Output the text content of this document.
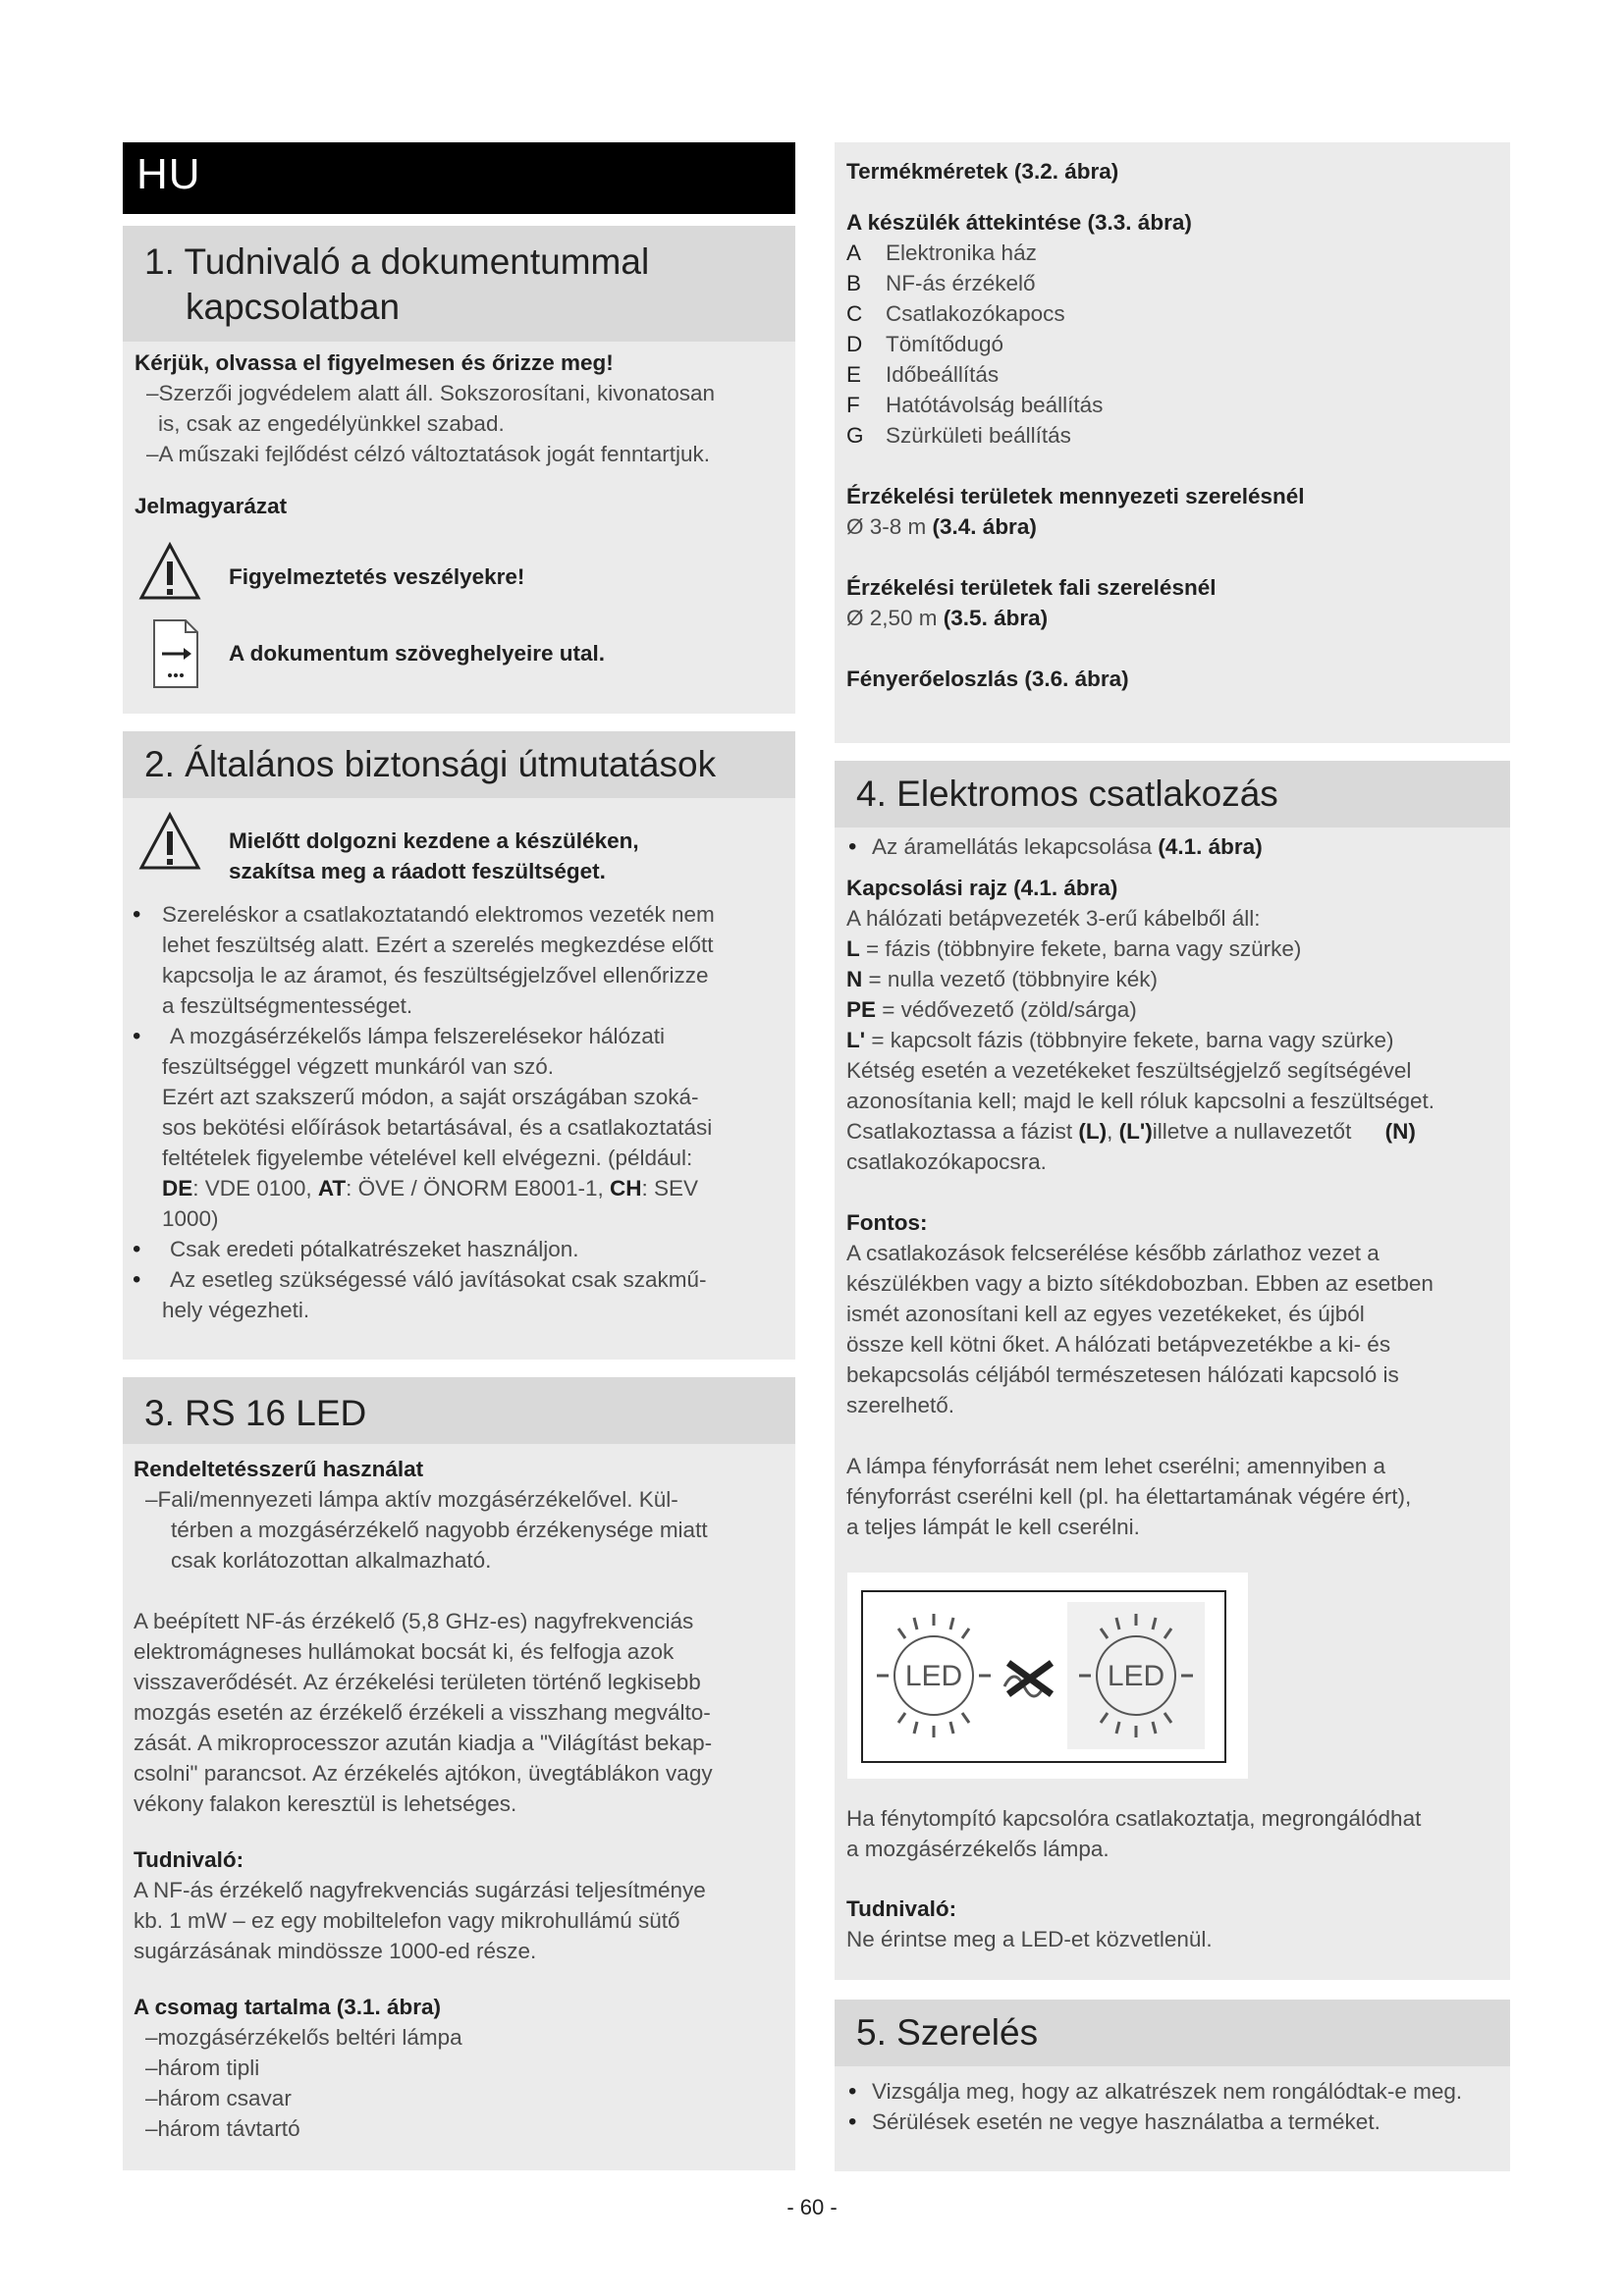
HU
1. Tudnivaló a dokumentummal
kapcsolatban

Kérjük, olvassa el figyelmesen és őrizze meg!

–Szerzői jogvédelem alatt áll. Sokszorosítani, kivonatosan

is, csak az engedélyünkkel szabad.

–A műszaki fejlődést célzó változtatások jogát fenntartjuk.

Jelmagyarázat

Figyelmeztetés veszélyekre!
A dokumentum szöveghelyeire utal.
2. Általános biztonsági útmutatások

Mielőtt dolgozni kezdene a készüléken,

szakítsa meg a ráadott feszültséget.

• Szereléskor a csatlakoztatandó elektromos vezeték nem

lehet feszültség alatt. Ezért a szerelés megkezdése előtt

kapcsolja le az áramot, és feszültségjelzővel ellenőrizze

a feszültségmentességet.

• A mozgásérzékelős lámpa felszerelésekor hálózati

feszültséggel végzett munkáról van szó.

Ezért azt szakszerű módon, a saját országában szoká-

sos bekötési előírások betartásával, és a csatlakoztatási

feltételek figyelembe vételével kell elvégezni. (például:

DE: VDE 0100, AT: ÖVE / ÖNORM E8001-1, CH: SEV

1000)

• Csak eredeti pótalkatrészeket használjon.

• Az esetleg szükségessé váló javításokat csak szakmű-

hely végezheti.

3. RS 16 LED

Rendeltetésszerű használat

–Fali/mennyezeti lámpa aktív mozgásérzékelővel. Kül-

térben a mozgásérzékelő nagyobb érzékenysége miatt

csak korlátozottan alkalmazható.

A beépített NF-ás érzékelő (5,8 GHz-es) nagyfrekvenciás

elektromágneses hullámokat bocsát ki, és felfogja azok

visszaverődését. Az érzékelési területen történő legkisebb

mozgás esetén az érzékelő érzékeli a visszhang megválto-

zását. A mikroprocesszor azután kiadja a "Világítást bekap-

csolni" parancsot. Az érzékelés ajtókon, üvegtáblákon vagy

vékony falakon keresztül is lehetséges.

Tudnivaló:

A NF-ás érzékelő nagyfrekvenciás sugárzási teljesítménye

kb. 1 mW – ez egy mobiltelefon vagy mikrohullámú sütő

sugárzásának mindössze 1000-ed része.

A csomag tartalma (3.1. ábra)

–mozgásérzékelős beltéri lámpa

–három tipli

–három csavar

–három távtartó

Termékméretek (3.2. ábra)

A készülék áttekintése (3.3. ábra)

A	Elektronika ház
B	NF-ás érzékelő
C	Csatlakozókapocs
D	Tömítődugó
E	Időbeállítás
F	Hatótávolság beállítás
G Szürkületi beállítás

Érzékelési területek mennyezeti szerelésnél

Ø 3-8 m (3.4. ábra)

Érzékelési területek fali szerelésnél

Ø 2,50 m (3.5. ábra)

Fényerőeloszlás (3.6. ábra)

4. Elektromos csatlakozás

• Az áramellátás lekapcsolása (4.1. ábra)

Kapcsolási rajz (4.1. ábra)

A hálózati betápvezeték 3-erű kábelből áll:

L = fázis (többnyire fekete, barna vagy szürke)

N = nulla vezető (többnyire kék)

PE = védővezető (zöld/sárga)

L' = kapcsolt fázis (többnyire fekete, barna vagy szürke)

Kétség esetén a vezetékeket feszültségjelző segítségével

azonosítania kell; majd le kell róluk kapcsolni a feszültséget.

Csatlakoztassa a fázist (L), (L')illetve a nullavezetőt (N)

csatlakozókapocsra.

Fontos:

A csatlakozások felcserélése később zárlathoz vezet a

készülékben vagy a bizto sítékdobozban. Ebben az esetben

ismét azonosítani kell az egyes vezetékeket, és újból

össze kell kötni őket. A hálózati betápvezetékbe a ki- és

bekapcsolás céljából természetesen hálózati kapcsoló is

szerelhető.

A lámpa fényforrását nem lehet cserélni; amennyiben a

fényforrást cserélni kell (pl. ha élettartamának végére ért),

a teljes lámpát le kell cserélni.

LED	LED

Ha fénytompító kapcsolóra csatlakoztatja, megrongálódhat

a mozgásérzékelős lámpa.

Tudnivaló:

Ne érintse meg a LED-et közvetlenül.

5. Szerelés

• Vizsgálja meg, hogy az alkatrészek nem rongálódtak-e meg.

• Sérülések esetén ne vegye használatba a terméket.

- 60 -
